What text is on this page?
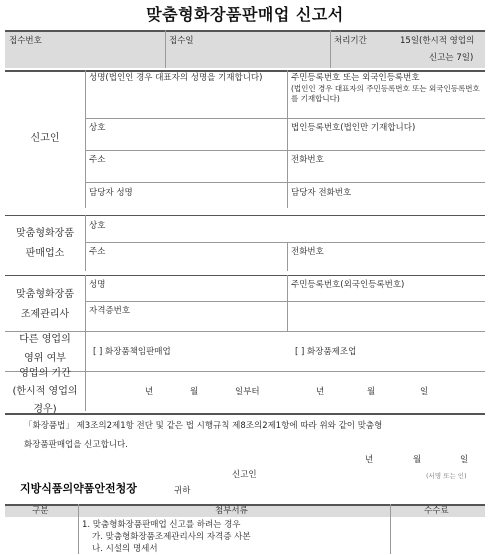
맞춤형화장품판매업 신고서
접수번호	접수일	처리기간	15일(한시적 영업의
신고는 7일)
신고인
성명(법인인 경우 대표자의 성명을 기재합니다)	주민등록번호 또는 외국인등록번호
(법인인 경우 대표자의 주민등록번호 또는 외국인등록번호를 기재합니다)
상호	법인등록번호(법인만 기재합니다)
주소	전화번호
담당자 성명	담당자 전화번호
맞춤형화장품
판매업소
상호
주소	전화번호
맞춤형화장품
조제관리사
성명	주민등록번호(외국인등록번호)
자격증번호
다른 영업의
영위 여부
[ ] 화장품책임판매업	[ ] 화장품제조업
영업의 기간
(한시적 영업의
경우)
년	월	일부터	년	월	일
「화장품법」 제3조의2제1항 전단 및 같은 법 시행규칙 제8조의2제1항에 따라 위와 같이 맞춤형
화장품판매업을 신고합니다.
년	월	일
신고인	(서명 또는 인)
지방식품의약품안전청장	귀하
구분	첨부서류	수수료
1. 맞춤형화장품판매업 신고를 하려는 경우
가. 맞춤형화장품조제관리사의 자격증 사본
나. 시설의 명세서
